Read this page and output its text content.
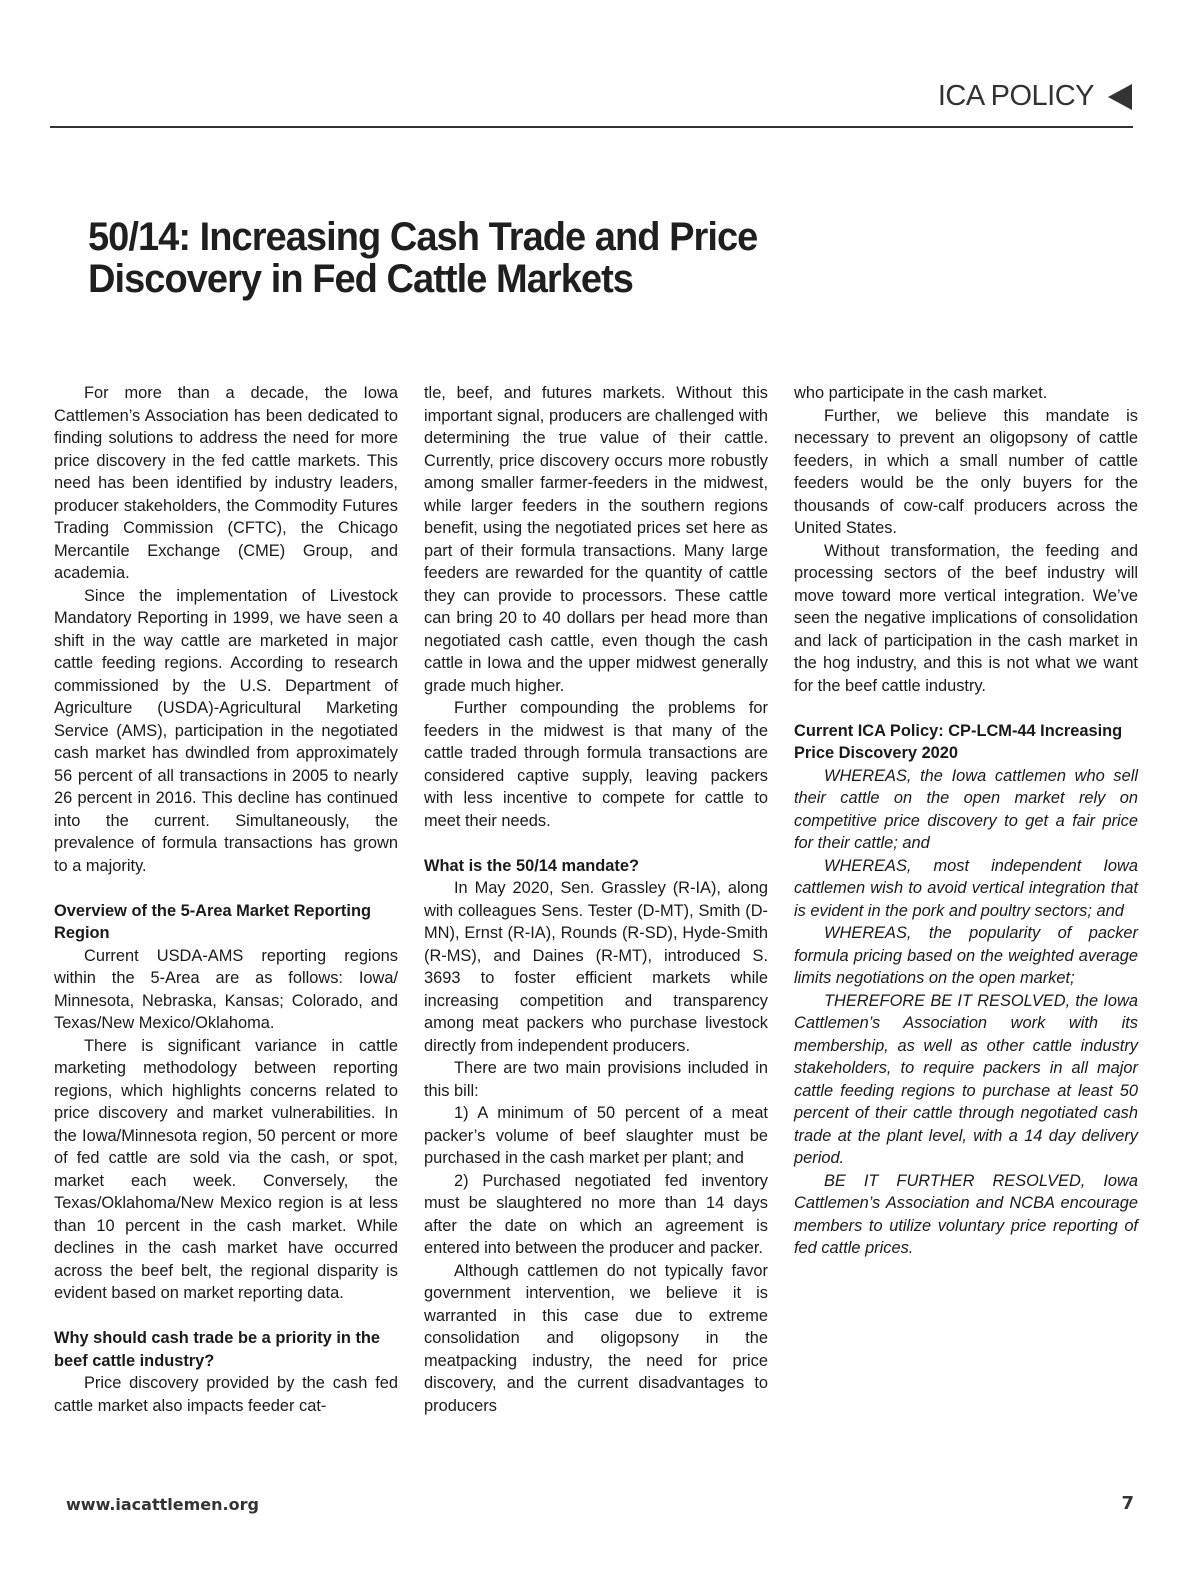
ICA POLICY
50/14: Increasing Cash Trade and Price
Discovery in Fed Cattle Markets

For more than a decade, the Iowa Cattlemen’s Association has been dedicated to finding solutions to address the need for more price discovery in the fed cattle markets. This need has been identified by industry leaders, producer stakeholders, the Commodity Futures Trading Commission (CFTC), the Chicago Mercantile Exchange (CME) Group, and academia.

Since the implementation of Livestock Mandatory Reporting in 1999, we have seen a shift in the way cattle are marketed in major cattle feeding regions. According to research commissioned by the U.S. Department of Agriculture (USDA)-Agricultural Marketing Service (AMS), participation in the negotiated cash market has dwindled from approximately 56 percent of all transactions in 2005 to nearly 26 percent in 2016. This decline has continued into the current. Simultaneously, the prevalence of formula transactions has grown to a majority.

Overview of the 5-Area Market Reporting Region

Current USDA-AMS reporting regions within the 5-Area are as follows: Iowa/ Minnesota, Nebraska, Kansas; Colorado, and Texas/New Mexico/Oklahoma.

There is significant variance in cattle marketing methodology between reporting regions, which highlights concerns related to price discovery and market vulnerabilities. In the Iowa/Minnesota region, 50 percent or more of fed cattle are sold via the cash, or spot, market each week. Conversely, the Texas/Oklahoma/New Mexico region is at less than 10 percent in the cash market. While declines in the cash market have occurred across the beef belt, the regional disparity is evident based on market reporting data.

Why should cash trade be a priority in the beef cattle industry?

Price discovery provided by the cash fed cattle market also impacts feeder cat-

tle, beef, and futures markets. Without this important signal, producers are challenged with determining the true value of their cattle. Currently, price discovery occurs more robustly among smaller farmer-feeders in the midwest, while larger feeders in the southern regions benefit, using the negotiated prices set here as part of their formula transactions. Many large feeders are rewarded for the quantity of cattle they can provide to processors. These cattle can bring 20 to 40 dollars per head more than negotiated cash cattle, even though the cash cattle in Iowa and the upper midwest generally grade much higher.

Further compounding the problems for feeders in the midwest is that many of the cattle traded through formula transactions are considered captive supply, leaving packers with less incentive to compete for cattle to meet their needs.

What is the 50/14 mandate?

In May 2020, Sen. Grassley (R-IA), along with colleagues Sens. Tester (D-MT), Smith (D-MN), Ernst (R-IA), Rounds (R-SD), Hyde-Smith (R-MS), and Daines (R-MT), introduced S. 3693 to foster efficient markets while increasing competition and transparency among meat packers who purchase livestock directly from independent producers.

There are two main provisions included in this bill:

1) A minimum of 50 percent of a meat packer’s volume of beef slaughter must be purchased in the cash market per plant; and

2) Purchased negotiated fed inventory must be slaughtered no more than 14 days after the date on which an agreement is entered into between the producer and packer.

Although cattlemen do not typically favor government intervention, we believe it is warranted in this case due to extreme consolidation and oligopsony in the meatpacking industry, the need for price discovery, and the current disadvantages to producers

who participate in the cash market.

Further, we believe this mandate is necessary to prevent an oligopsony of cattle feeders, in which a small number of cattle feeders would be the only buyers for the thousands of cow-calf producers across the United States.

Without transformation, the feeding and processing sectors of the beef industry will move toward more vertical integration. We’ve seen the negative implications of consolidation and lack of participation in the cash market in the hog industry, and this is not what we want for the beef cattle industry.

Current ICA Policy: CP-LCM-44 Increasing Price Discovery 2020

WHEREAS, the Iowa cattlemen who sell their cattle on the open market rely on competitive price discovery to get a fair price for their cattle; and

WHEREAS, most independent Iowa cattlemen wish to avoid vertical integration that is evident in the pork and poultry sectors; and

WHEREAS, the popularity of packer formula pricing based on the weighted average limits negotiations on the open market;

THEREFORE BE IT RESOLVED, the Iowa Cattlemen’s Association work with its membership, as well as other cattle industry stakeholders, to require packers in all major cattle feeding regions to purchase at least 50 percent of their cattle through negotiated cash trade at the plant level, with a 14 day delivery period.

BE IT FURTHER RESOLVED, Iowa Cattlemen’s Association and NCBA encourage members to utilize voluntary price reporting of fed cattle prices.

www.iacattlemen.org	7
